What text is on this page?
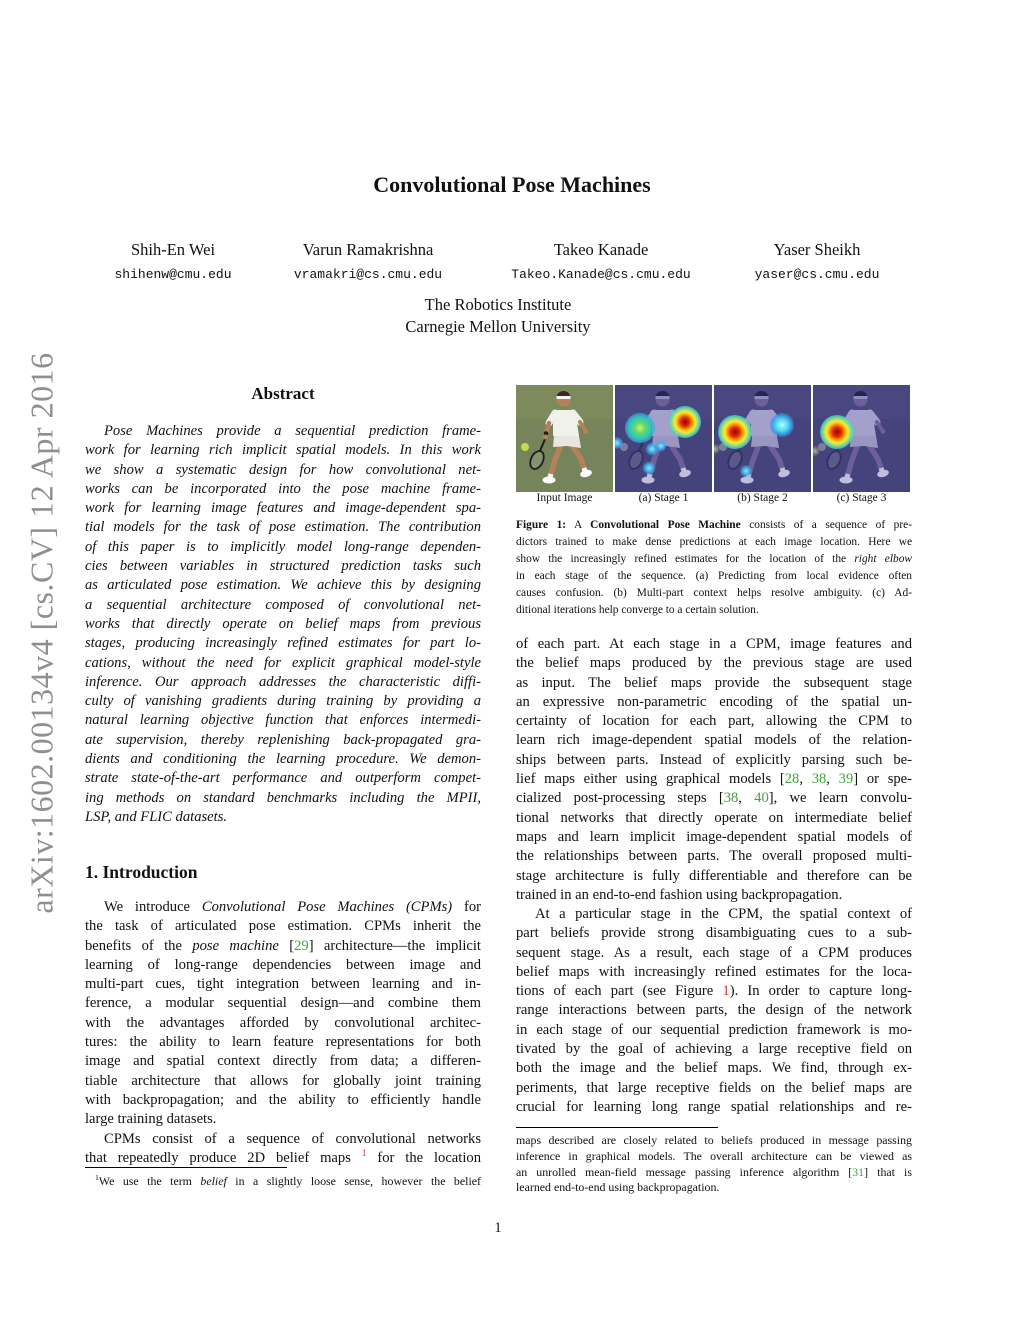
arXiv:1602.00134v4 [cs.CV] 12 Apr 2016
Convolutional Pose Machines
Shih-En Wei
shihenw@cmu.edu
Varun Ramakrishna
vramakri@cs.cmu.edu
Takeo Kanade
Takeo.Kanade@cs.cmu.edu
Yaser Sheikh
yaser@cs.cmu.edu
The Robotics Institute
Carnegie Mellon University
Abstract
Pose Machines provide a sequential prediction frame-
work for learning rich implicit spatial models. In this work
we show a systematic design for how convolutional net-
works can be incorporated into the pose machine frame-
work for learning image features and image-dependent spa-
tial models for the task of pose estimation. The contribution
of this paper is to implicitly model long-range dependen-
cies between variables in structured prediction tasks such
as articulated pose estimation. We achieve this by designing
a sequential architecture composed of convolutional net-
works that directly operate on belief maps from previous
stages, producing increasingly refined estimates for part lo-
cations, without the need for explicit graphical model-style
inference. Our approach addresses the characteristic diffi-
culty of vanishing gradients during training by providing a
natural learning objective function that enforces intermedi-
ate supervision, thereby replenishing back-propagated gra-
dients and conditioning the learning procedure. We demon-
strate state-of-the-art performance and outperform compet-
ing methods on standard benchmarks including the MPII,
LSP, and FLIC datasets.
1. Introduction
We introduce Convolutional Pose Machines (CPMs) for
the task of articulated pose estimation. CPMs inherit the
benefits of the pose machine [29] architecture—the implicit
learning of long-range dependencies between image and
multi-part cues, tight integration between learning and in-
ference, a modular sequential design—and combine them
with the advantages afforded by convolutional architec-
tures: the ability to learn feature representations for both
image and spatial context directly from data; a differen-
tiable architecture that allows for globally joint training
with backpropagation; and the ability to efficiently handle
large training datasets.
CPMs consist of a sequence of convolutional networks
that repeatedly produce 2D belief maps $^1$ for the location
$^1$We use the term belief in a slightly loose sense, however the belief
Input Image	(a) Stage 1	(b) Stage 2	(c) Stage 3
Figure 1: A Convolutional Pose Machine consists of a sequence of pre-
dictors trained to make dense predictions at each image location. Here we
show the increasingly refined estimates for the location of the right elbow
in each stage of the sequence. (a) Predicting from local evidence often
causes confusion. (b) Multi-part context helps resolve ambiguity. (c) Ad-
ditional iterations help converge to a certain solution.
of each part. At each stage in a CPM, image features and
the belief maps produced by the previous stage are used
as input. The belief maps provide the subsequent stage
an expressive non-parametric encoding of the spatial un-
certainty of location for each part, allowing the CPM to
learn rich image-dependent spatial models of the relation-
ships between parts. Instead of explicitly parsing such be-
lief maps either using graphical models [28, 38, 39] or spe-
cialized post-processing steps [38, 40], we learn convolu-
tional networks that directly operate on intermediate belief
maps and learn implicit image-dependent spatial models of
the relationships between parts. The overall proposed multi-
stage architecture is fully differentiable and therefore can be
trained in an end-to-end fashion using backpropagation.
At a particular stage in the CPM, the spatial context of
part beliefs provide strong disambiguating cues to a sub-
sequent stage. As a result, each stage of a CPM produces
belief maps with increasingly refined estimates for the loca-
tions of each part (see Figure 1). In order to capture long-
range interactions between parts, the design of the network
in each stage of our sequential prediction framework is mo-
tivated by the goal of achieving a large receptive field on
both the image and the belief maps. We find, through ex-
periments, that large receptive fields on the belief maps are
crucial for learning long range spatial relationships and re-
maps described are closely related to beliefs produced in message passing
inference in graphical models. The overall architecture can be viewed as
an unrolled mean-field message passing inference algorithm [31] that is
learned end-to-end using backpropagation.
1
